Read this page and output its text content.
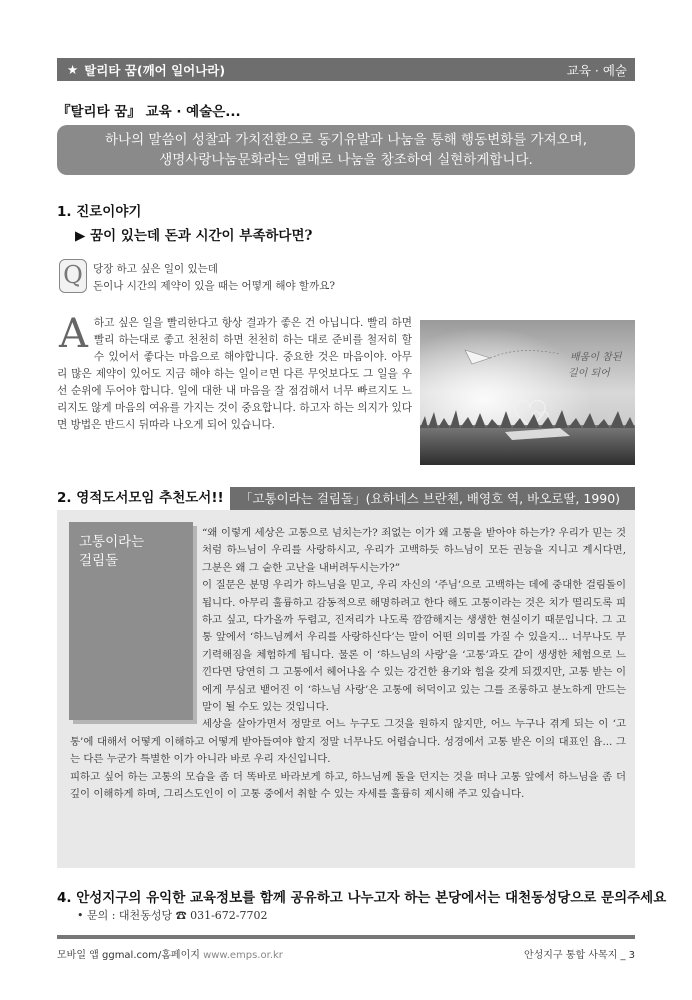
★ 탈리타 꿈(깨어 일어나라)	교육 · 예술
『탈리타 꿈』 교육 · 예술은...
하나의 말씀이 성찰과 가치전환으로 동기유발과 나눔을 통해 행동변화를 가져오며,
생명사랑나눔문화라는 열매로 나눔을 창조하여 실현하게합니다.
1. 진로이야기
▶ 꿈이 있는데 돈과 시간이 부족하다면?
Q 당장 하고 싶은 일이 있는데
돈이나 시간의 제약이 있을 때는 어떻게 해야 할까요?
A 하고 싶은 일을 빨리한다고 항상 결과가 좋은 건 아닙니다. 빨리 하면 빨리 하는대로 좋고 천천히 하면 천천히 하는 대로 준비를 철저히 할 수 있어서 좋다는 마음으로 해야합니다. 중요한 것은 마음이야. 아무리 많은 제약이 있어도 지금 해야 하는 일이ㄹ면 다른 무엇보다도 그 일을 우선 순위에 두어야 합니다. 일에 대한 내 마음을 잘 점검해서 너무 빠르지도 느리지도 않게 마음의 여유를 가지는 것이 중요합니다. 하고자 하는 의지가 있다면 방법은 반드시 뒤따라 나오게 되어 있습니다.
배움이 참된
길이 되어
2. 영적도서모임 추천도서!!	「고통이라는 걸림돌」(요하네스 브란첸, 배영호 역, 바오로딸, 1990)
고통이라는
걸림돌

“왜 이렇게 세상은 고통으로 넘치는가? 죄없는 이가 왜 고통을 받아야 하는가? 우리가 믿는 것처럼 하느님이 우리를 사랑하시고, 우리가 고백하듯 하느님이 모든 권능을 지니고 계시다면, 그분은 왜 그 숱한 고난을 내버려두시는가?”

이 질문은 분명 우리가 하느님을 믿고, 우리 자신의 ‘주님’으로 고백하는 데에 중대한 걸림돌이 됩니다. 아무리 훌륭하고 감동적으로 해명하려고 한다 해도 고통이라는 것은 치가 떨리도록 피하고 싶고, 다가올까 두렵고, 진저리가 나도록 깜깜해지는 생생한 현실이기 때문입니다. 그 고통 앞에서 ‘하느님께서 우리를 사랑하신다’는 말이 어떤 의미를 가질 수 있을지... 너무나도 무기력해짐을 체험하게 됩니다. 물론 이 ‘하느님의 사랑’을 ‘고통’과도 같이 생생한 체험으로 느낀다면 당연히 그 고통에서 헤어나올 수 있는 강건한 용기와 힘을 갖게 되겠지만, 고통 받는 이에게 무심코 뱉어진 이 ‘하느님 사랑’은 고통에 허덕이고 있는 그를 조롱하고 분노하게 만드는 말이 될 수도 있는 것입니다.

세상을 살아가면서 정말로 어느 누구도 그것을 원하지 않지만, 어느 누구나 겪게 되는 이 ‘고통’에 대해서 어떻게 이해하고 어떻게 받아들여야 할지 정말 너무나도 어렵습니다. 성경에서 고통 받은 이의 대표인 욥... 그는 다른 누군가 특별한 이가 아니라 바로 우리 자신입니다.

피하고 싶어 하는 고통의 모습을 좀 더 똑바로 바라보게 하고, 하느님께 돌을 던지는 것을 떠나 고통 앞에서 하느님을 좀 더 깊이 이해하게 하며, 그리스도인이 이 고통 중에서 취할 수 있는 자세를 훌륭히 제시해 주고 있습니다.

4. 안성지구의 유익한 교육정보를 함께 공유하고 나누고자 하는 본당에서는 대천동성당으로 문의주세요
• 문의 : 대천동성당 ☎ 031-672-7702
모바일 앱 ggmal.com/홈페이지 www.emps.or.kr	안성지구 통합 사목지 _ 3
